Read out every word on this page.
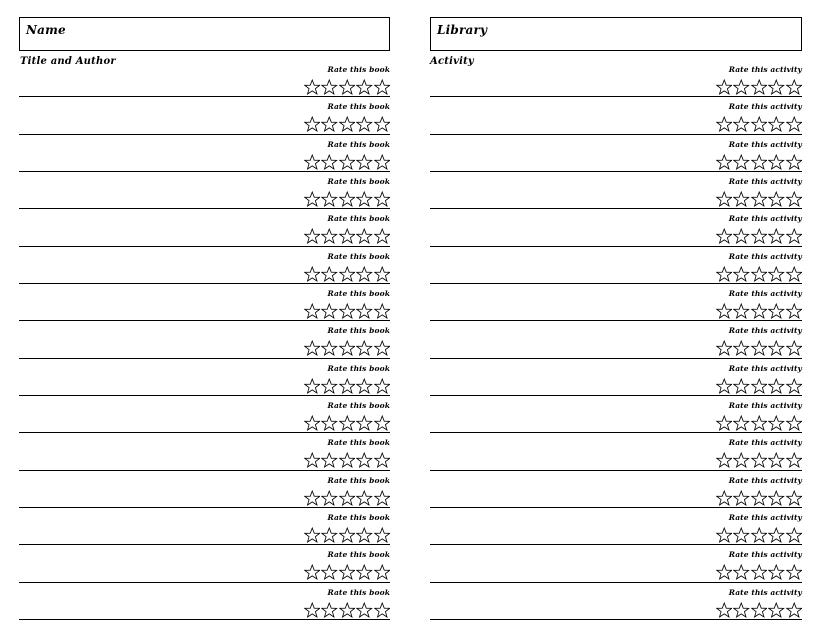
Name	Library
Title and Author	Activity
Rate this book
Rate this book
Rate this book
Rate this book
Rate this book
Rate this book
Rate this book
Rate this book
Rate this book
Rate this book
Rate this book
Rate this book
Rate this book
Rate this book
Rate this book
Rate this activity
Rate this activity
Rate this activity
Rate this activity
Rate this activity
Rate this activity
Rate this activity
Rate this activity
Rate this activity
Rate this activity
Rate this activity
Rate this activity
Rate this activity
Rate this activity
Rate this activity
